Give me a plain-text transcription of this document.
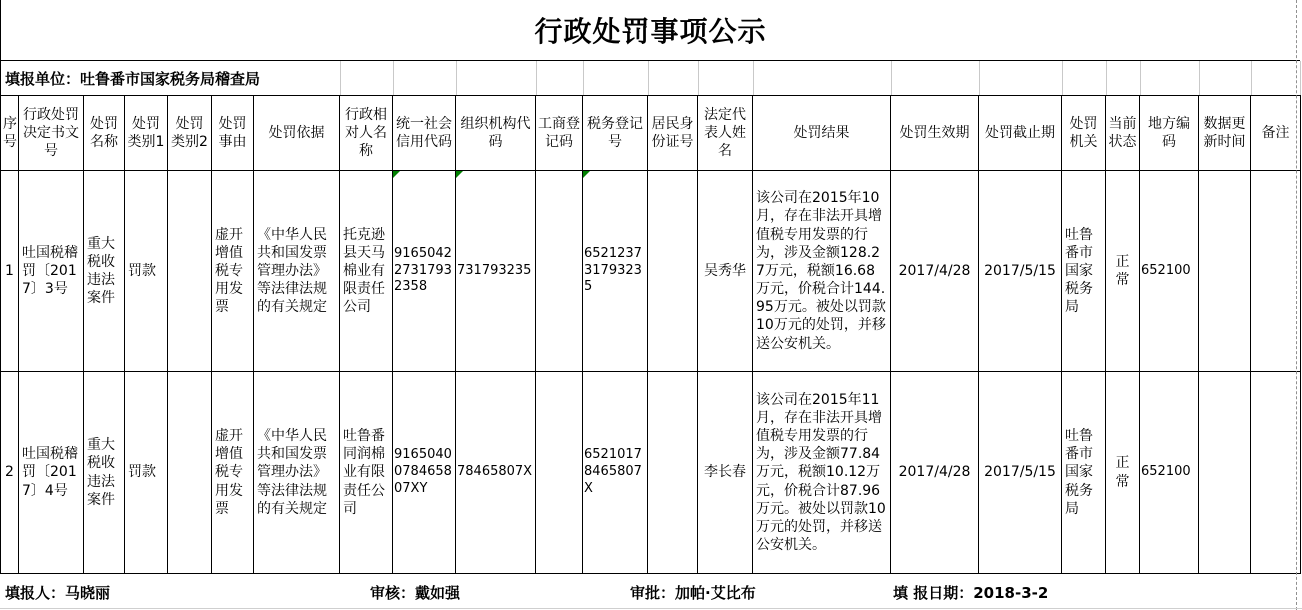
行政处罚事项公示
填报单位：吐鲁番市国家税务局稽查局
序号	行政处罚决定书文号	处罚名称	处罚类别1	处罚类别2	处罚事由	处罚依据	行政相对人名称	统一社会信用代码	组织机构代码	工商登记码	税务登记号	居民身份证号	法定代表人姓名	处罚结果	处罚生效期	处罚截止期	处罚机关	当前状态	地方编码	数据更新时间	备注
1	吐国税稽罚〔2017〕3号	重大税收违法案件	罚款		虚开增值税专用发票	《中华人民共和国发票管理办法》等法律法规的有关规定	托克逊县天马棉业有限责任公司	916504227317932358	731793235		652123731793235		吴秀华	该公司在2015年10月，存在非法开具增值税专用发票的行为，涉及金额128.27万元，税额16.68万元，价税合计144.95万元。被处以罚款10万元的处罚，并移送公安机关。	2017/4/28	2017/5/15	吐鲁番市国家税务局	正常	652100		
2	吐国税稽罚〔2017〕4号	重大税收违法案件	罚款		虚开增值税专用发票	《中华人民共和国发票管理办法》等法律法规的有关规定	吐鲁番同润棉业有限责任公司	9165040078465807XY	78465807X		65210178465807X		李长春	该公司在2015年11月，存在非法开具增值税专用发票的行为，涉及金额77.84万元，税额10.12万元，价税合计87.96万元。被处以罚款10万元的处罚，并移送公安机关。	2017/4/28	2017/5/15	吐鲁番市国家税务局	正常	652100		
填报人：马晓丽	审核：戴如强	审批：加帕·艾比布	填 报日期：2018-3-2
